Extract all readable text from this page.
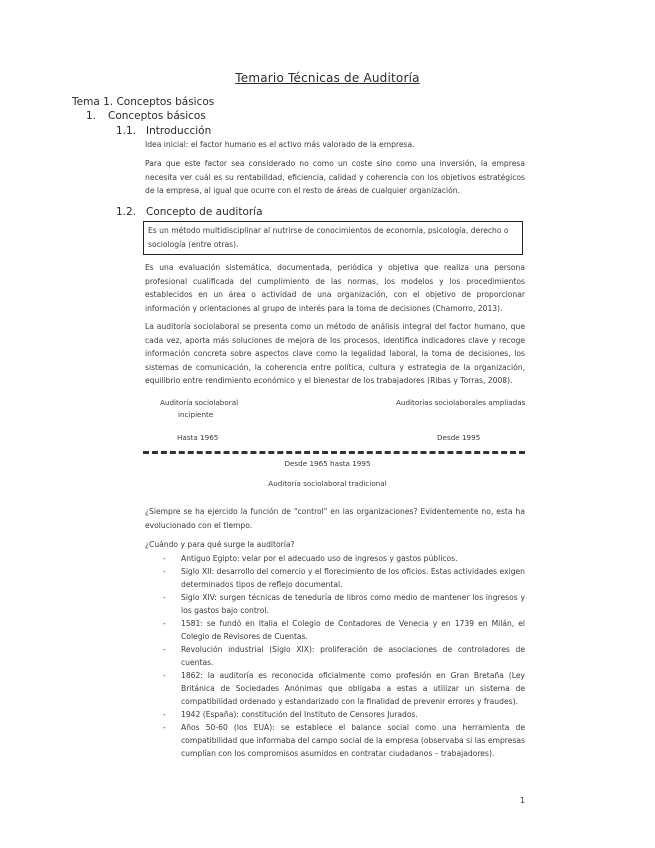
Temario Técnicas de Auditoría
Tema 1. Conceptos básicos
1. Conceptos básicos
1.1. Introducción
Idea inicial: el factor humano es el activo más valorado de la empresa.
Para que este factor sea considerado no como un coste sino como una inversión, la empresa necesita ver cuál es su rentabilidad, eficiencia, calidad y coherencia con los objetivos estratégicos de la empresa, al igual que ocurre con el resto de áreas de cualquier organización.
1.2. Concepto de auditoría
Es un método multidisciplinar al nutrirse de conocimientos de economía, psicología, derecho o sociología (entre otras).
Es una evaluación sistemática, documentada, periódica y objetiva que realiza una persona profesional cualificada del cumplimiento de las normas, los modelos y los procedimientos establecidos en un área o actividad de una organización, con el objetivo de proporcionar información y orientaciones al grupo de interés para la toma de decisiones (Chamorro, 2013).
La auditoría sociolaboral se presenta como un método de análisis integral del factor humano, que cada vez, aporta más soluciones de mejora de los procesos, identifica indicadores clave y recoge información concreta sobre aspectos clave como la legalidad laboral, la toma de decisiones, los sistemas de comunicación, la coherencia entre política, cultura y estrategia de la organización, equilibrio entre rendimiento económico y el bienestar de los trabajadores (Ribas y Torras, 2008).
Auditoría sociolaboral
incipiente
Auditorías sociolaborales ampliadas
Hasta 1965	Desde 1995
Desde 1965 hasta 1995
Auditoría sociolaboral tradicional
¿Siempre se ha ejercido la función de "control" en las organizaciones? Evidentemente no, esta ha evolucionado con el tiempo.
¿Cuándo y para qué surge la auditoría?
- Antiguo Egipto: velar por el adecuado uso de ingresos y gastos públicos.
- Siglo XII: desarrollo del comercio y el florecimiento de los oficios. Estas actividades exigen determinados tipos de reflejo documental.
- Siglo XIV: surgen técnicas de teneduría de libros como medio de mantener los ingresos y los gastos bajo control.
- 1581: se fundó en Italia el Colegio de Contadores de Venecia y en 1739 en Milán, el Colegio de Revisores de Cuentas.
- Revolución industrial (Siglo XIX): proliferación de asociaciones de controladores de cuentas.
- 1862: la auditoría es reconocida oficialmente como profesión en Gran Bretaña (Ley Británica de Sociedades Anónimas que obligaba a estas a utilizar un sistema de compatibilidad ordenado y estandarizado con la finalidad de prevenir errores y fraudes).
- 1942 (España): constitución del Instituto de Censores Jurados.
- Años 50-60 (los EUA): se establece el balance social como una herramienta de compatibilidad que informaba del campo social de la empresa (observaba si las empresas cumplían con los compromisos asumidos en contratar ciudadanos – trabajadores).
1
